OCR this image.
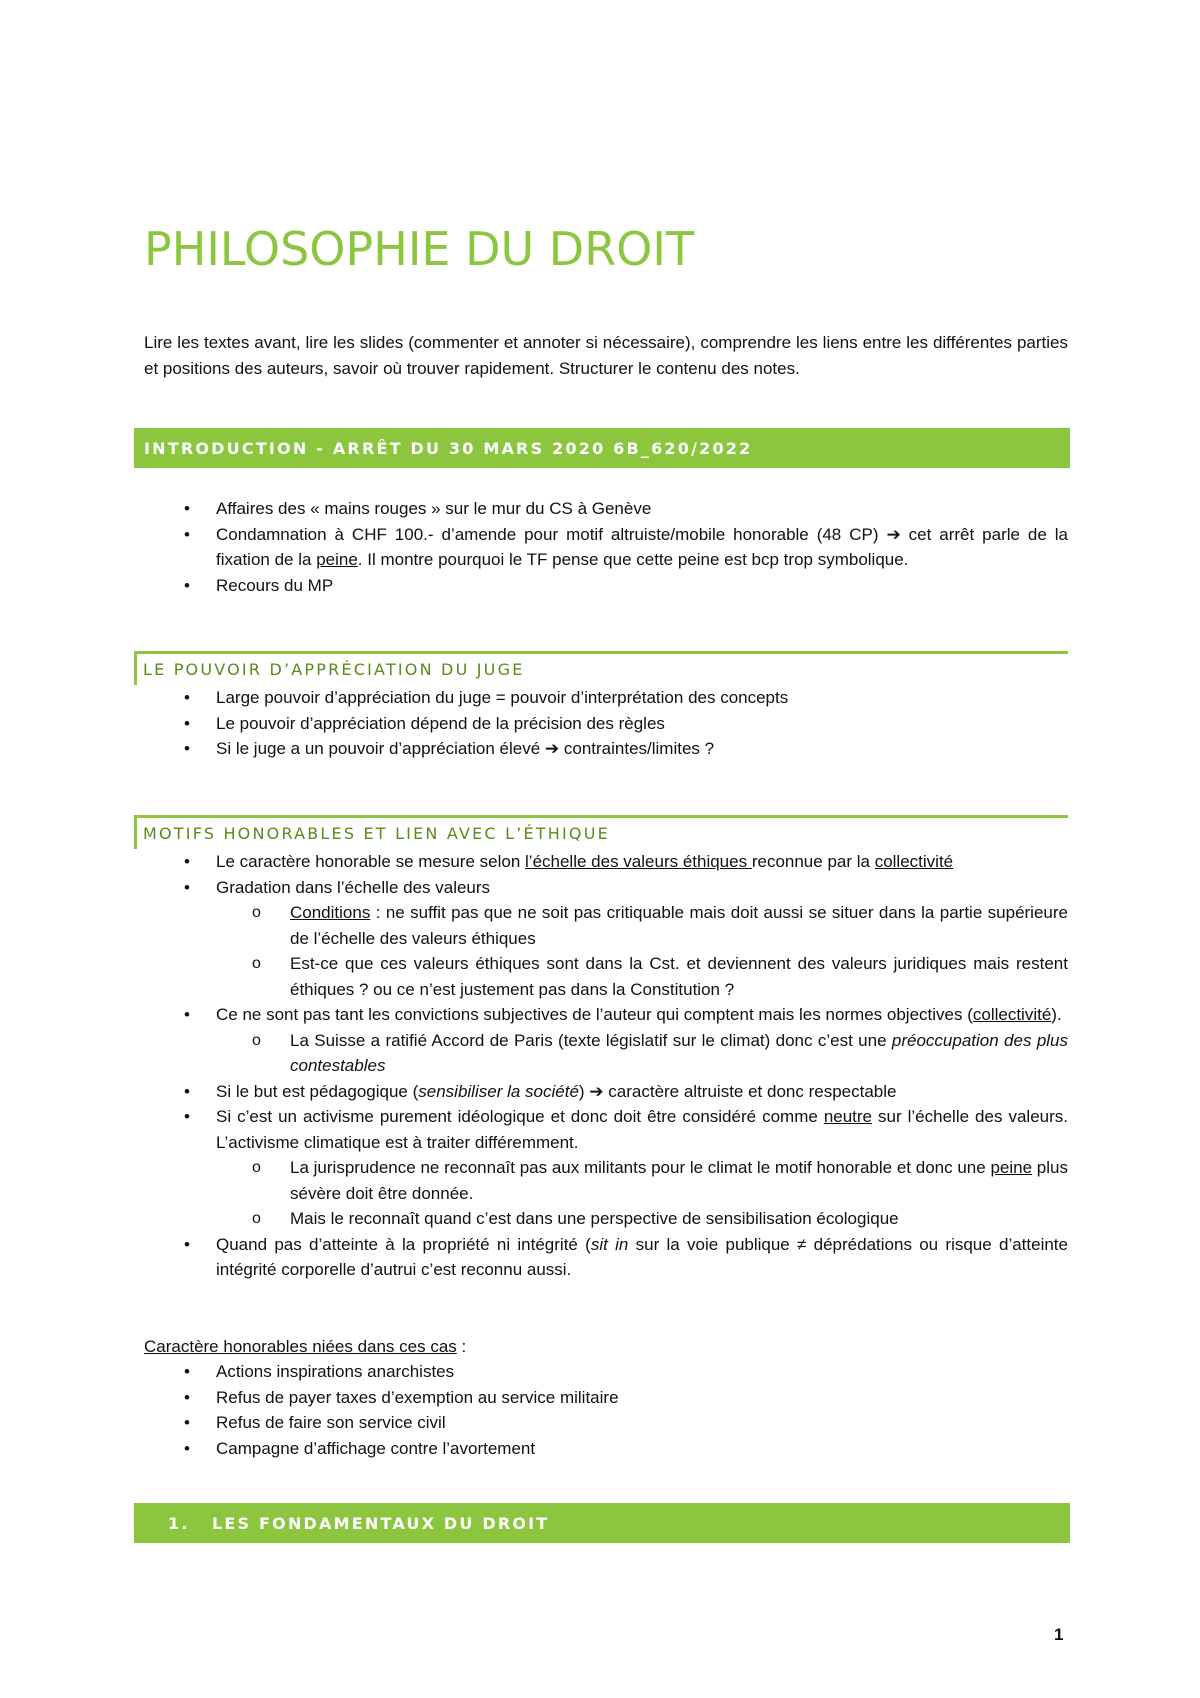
PHILOSOPHIE DU DROIT
Lire les textes avant, lire les slides (commenter et annoter si nécessaire), comprendre les liens entre les différentes parties et positions des auteurs, savoir où trouver rapidement. Structurer le contenu des notes.
INTRODUCTION - ARRÊT DU 30 MARS 2020 6B_620/2022
• Affaires des « mains rouges » sur le mur du CS à Genève
• Condamnation à CHF 100.- d’amende pour motif altruiste/mobile honorable (48 CP) ➔ cet arrêt parle de la fixation de la peine. Il montre pourquoi le TF pense que cette peine est bcp trop symbolique.
• Recours du MP
LE POUVOIR D’APPRÉCIATION DU JUGE
• Large pouvoir d’appréciation du juge = pouvoir d’interprétation des concepts
• Le pouvoir d’appréciation dépend de la précision des règles
• Si le juge a un pouvoir d’appréciation élevé ➔ contraintes/limites ?
MOTIFS HONORABLES ET LIEN AVEC L’ÉTHIQUE
• Le caractère honorable se mesure selon l’échelle des valeurs éthiques reconnue par la collectivité
• Gradation dans l’échelle des valeurs
o Conditions : ne suffit pas que ne soit pas critiquable mais doit aussi se situer dans la partie supérieure de l’échelle des valeurs éthiques
o Est-ce que ces valeurs éthiques sont dans la Cst. et deviennent des valeurs juridiques mais restent éthiques ? ou ce n’est justement pas dans la Constitution ?
• Ce ne sont pas tant les convictions subjectives de l’auteur qui comptent mais les normes objectives (collectivité).
o La Suisse a ratifié Accord de Paris (texte législatif sur le climat) donc c’est une préoccupation des plus contestables
• Si le but est pédagogique (sensibiliser la société) ➔ caractère altruiste et donc respectable
• Si c’est un activisme purement idéologique et donc doit être considéré comme neutre sur l’échelle des valeurs. L’activisme climatique est à traiter différemment.
o La jurisprudence ne reconnaît pas aux militants pour le climat le motif honorable et donc une peine plus sévère doit être donnée.
o Mais le reconnaît quand c’est dans une perspective de sensibilisation écologique
• Quand pas d’atteinte à la propriété ni intégrité (sit in sur la voie publique ≠ déprédations ou risque d’atteinte intégrité corporelle d’autrui c’est reconnu aussi.
Caractère honorables niées dans ces cas :
• Actions inspirations anarchistes
• Refus de payer taxes d’exemption au service militaire
• Refus de faire son service civil
• Campagne d’affichage contre l’avortement
1.	LES FONDAMENTAUX DU DROIT
1
